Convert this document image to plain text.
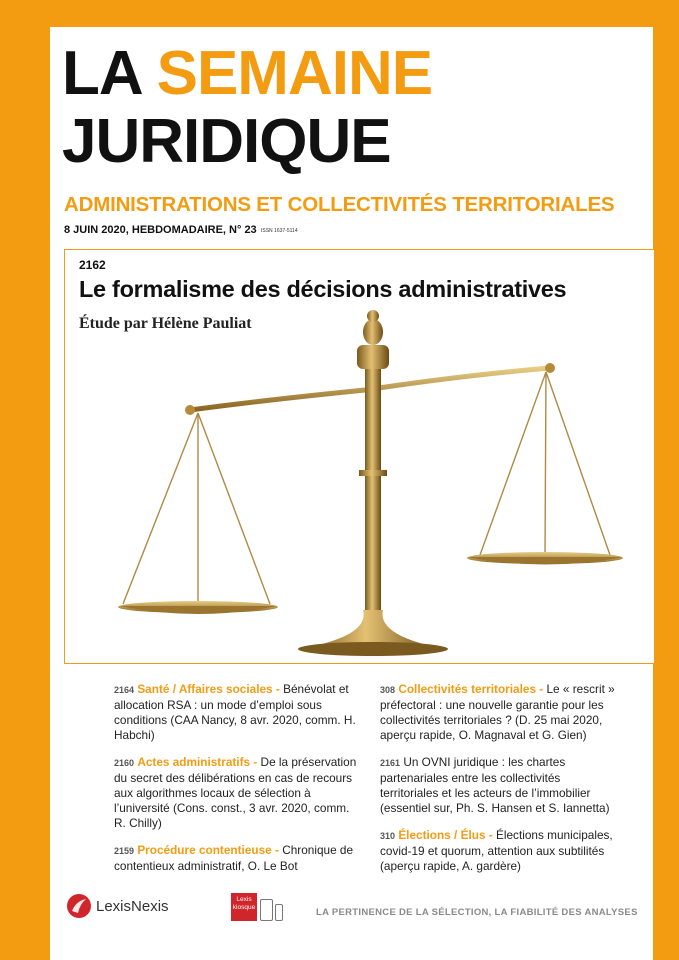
LA SEMAINE
JURIDIQUE
ADMINISTRATIONS ET COLLECTIVITÉS TERRITORIALES
8 JUIN 2020, HEBDOMADAIRE, N° 23 ISSN 1637-5114
2162
Le formalisme des décisions administratives
Étude par Hélène Pauliat
2164 Santé / Affaires sociales - Bénévolat et allocation RSA : un mode d’emploi sous conditions (CAA Nancy, 8 avr. 2020, comm. H. Habchi)
2160 Actes administratifs - De la préservation du secret des délibérations en cas de recours aux algorithmes locaux de sélection à l’université (Cons. const., 3 avr. 2020, comm. R. Chilly)
2159 Procédure contentieuse - Chronique de contentieux administratif, O. Le Bot
308 Collectivités territoriales - Le « rescrit » préfectoral : une nouvelle garantie pour les collectivités territoriales ? (D. 25 mai 2020, aperçu rapide, O. Magnaval et G. Gien)
2161 Un OVNI juridique : les chartes partenariales entre les collectivités territoriales et les acteurs de l’immobilier (essentiel sur, Ph. S. Hansen et S. Iannetta)
310 Élections / Élus - Élections municipales, covid-19 et quorum, attention aux subtilités (aperçu rapide, A. gardère)
LexisNexis	Lexis
kiosque	LA PERTINENCE DE LA SÉLECTION, LA FIABILITÉ DES ANALYSES
